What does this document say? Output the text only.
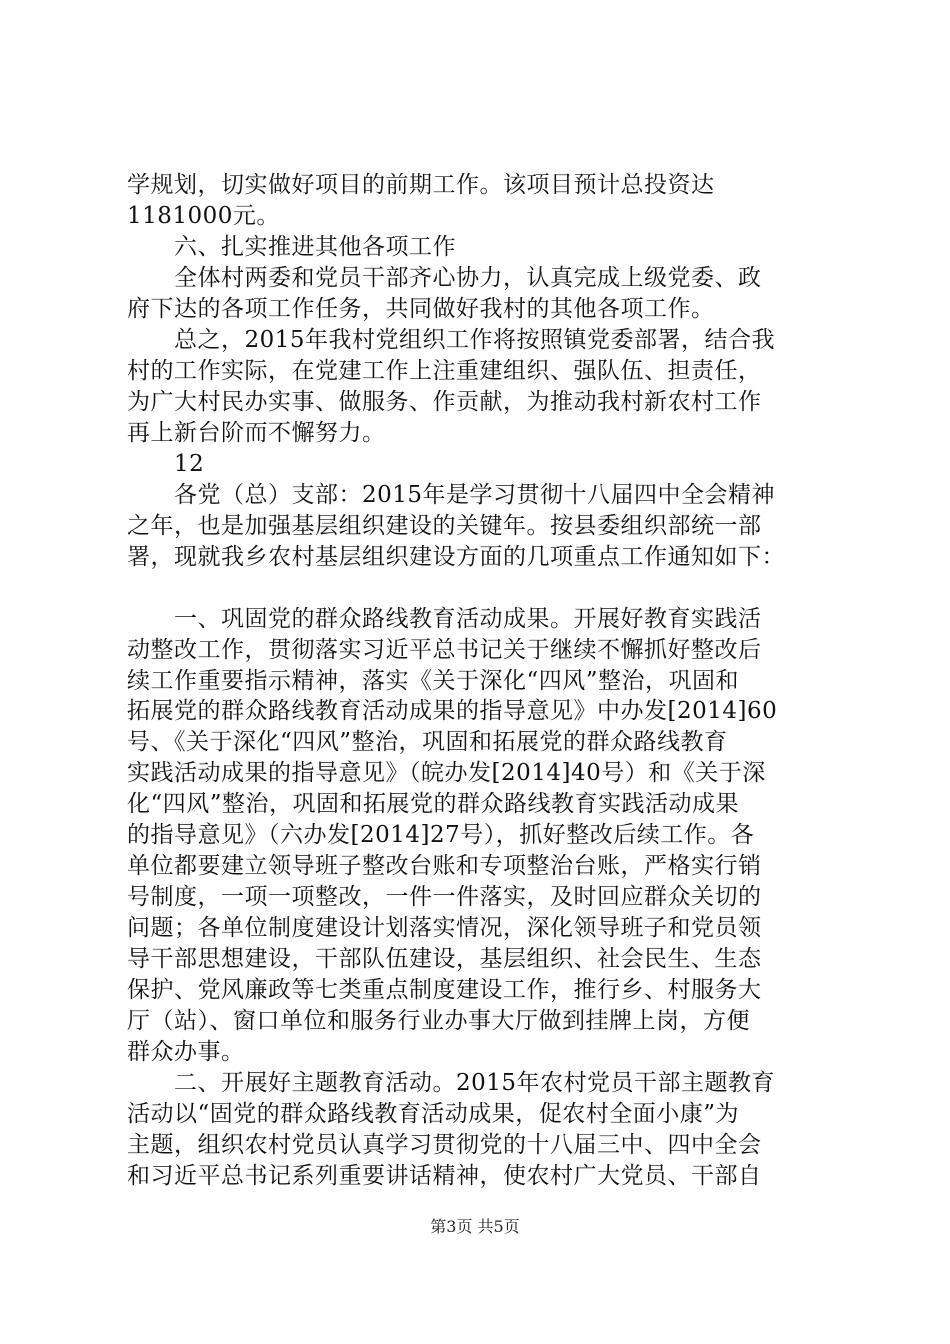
学规划，切实做好项目的前期工作。该项目预计总投资达
1181000元。
　　六、扎实推进其他各项工作
　　全体村两委和党员干部齐心协力，认真完成上级党委、政
府下达的各项工作任务，共同做好我村的其他各项工作。
　　总之，2015年我村党组织工作将按照镇党委部署，结合我
村的工作实际，在党建工作上注重建组织、强队伍、担责任，
为广大村民办实事、做服务、作贡献，为推动我村新农村工作
再上新台阶而不懈努力。
　　12
　　各党（总）支部：2015年是学习贯彻十八届四中全会精神
之年，也是加强基层组织建设的关键年。按县委组织部统一部
署，现就我乡农村基层组织建设方面的几项重点工作通知如下：
　　一、巩固党的群众路线教育活动成果。开展好教育实践活
动整改工作，贯彻落实习近平总书记关于继续不懈抓好整改后
续工作重要指示精神，落实《关于深化“四风”整治，巩固和
拓展党的群众路线教育活动成果的指导意见》中办发[2014]60
号、《关于深化“四风”整治，巩固和拓展党的群众路线教育
实践活动成果的指导意见》（皖办发[2014]40号）和《关于深
化“四风”整治，巩固和拓展党的群众路线教育实践活动成果
的指导意见》（六办发[2014]27号），抓好整改后续工作。各
单位都要建立领导班子整改台账和专项整治台账，严格实行销
号制度，一项一项整改，一件一件落实，及时回应群众关切的
问题；各单位制度建设计划落实情况，深化领导班子和党员领
导干部思想建设，干部队伍建设，基层组织、社会民生、生态
保护、党风廉政等七类重点制度建设工作，推行乡、村服务大
厅（站）、窗口单位和服务行业办事大厅做到挂牌上岗，方便
群众办事。
　　二、开展好主题教育活动。2015年农村党员干部主题教育
活动以“固党的群众路线教育活动成果，促农村全面小康”为
主题，组织农村党员认真学习贯彻党的十八届三中、四中全会
和习近平总书记系列重要讲话精神，使农村广大党员、干部自
第3页 共5页
